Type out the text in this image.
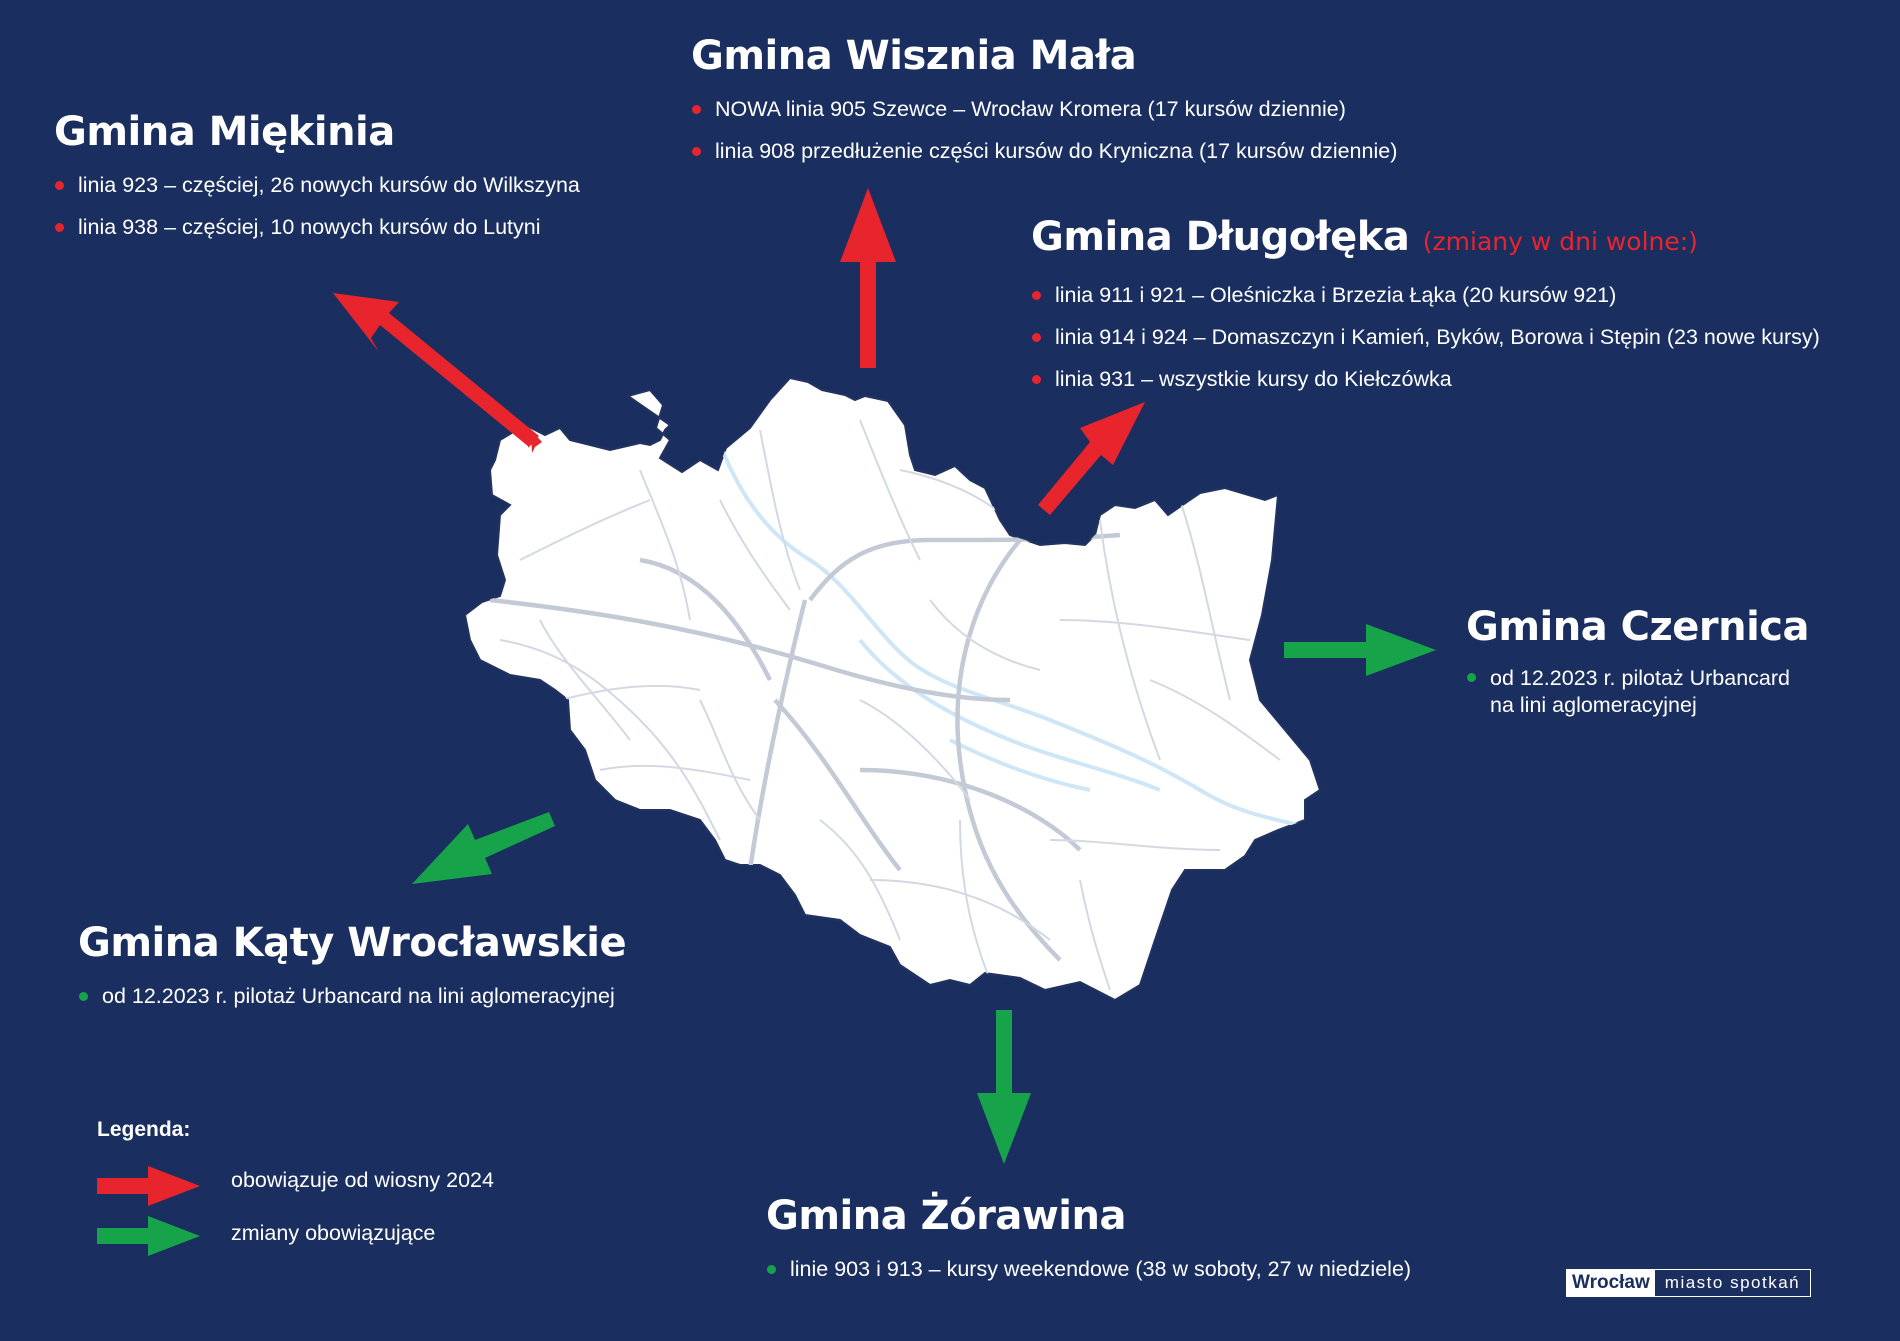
Gmina Miękinia
linia 923 – częściej, 26 nowych kursów do Wilkszyna
linia 938 – częściej, 10 nowych kursów do Lutyni
Gmina Wisznia Mała
NOWA linia 905 Szewce – Wrocław Kromera (17 kursów dziennie)
linia 908 przedłużenie części kursów do Kryniczna (17 kursów dziennie)
Gmina Długołęka (zmiany w dni wolne:)
linia 911 i 921 – Oleśniczka i Brzezia Łąka (20 kursów 921)
linia 914 i 924 – Domaszczyn i Kamień, Byków, Borowa i Stępin (23 nowe kursy)
linia 931 – wszystkie kursy do Kiełczówka
Gmina Czernica
od 12.2023 r. pilotaż Urbancard
na lini aglomeracyjnej
Gmina Kąty Wrocławskie
od 12.2023 r. pilotaż Urbancard na lini aglomeracyjnej
Gmina Żórawina
linie 903 i 913 – kursy weekendowe (38 w soboty, 27 w niedziele)
Legenda:
obowiązuje od wiosny 2024
zmiany obowiązujące
Wrocław miasto spotkań
